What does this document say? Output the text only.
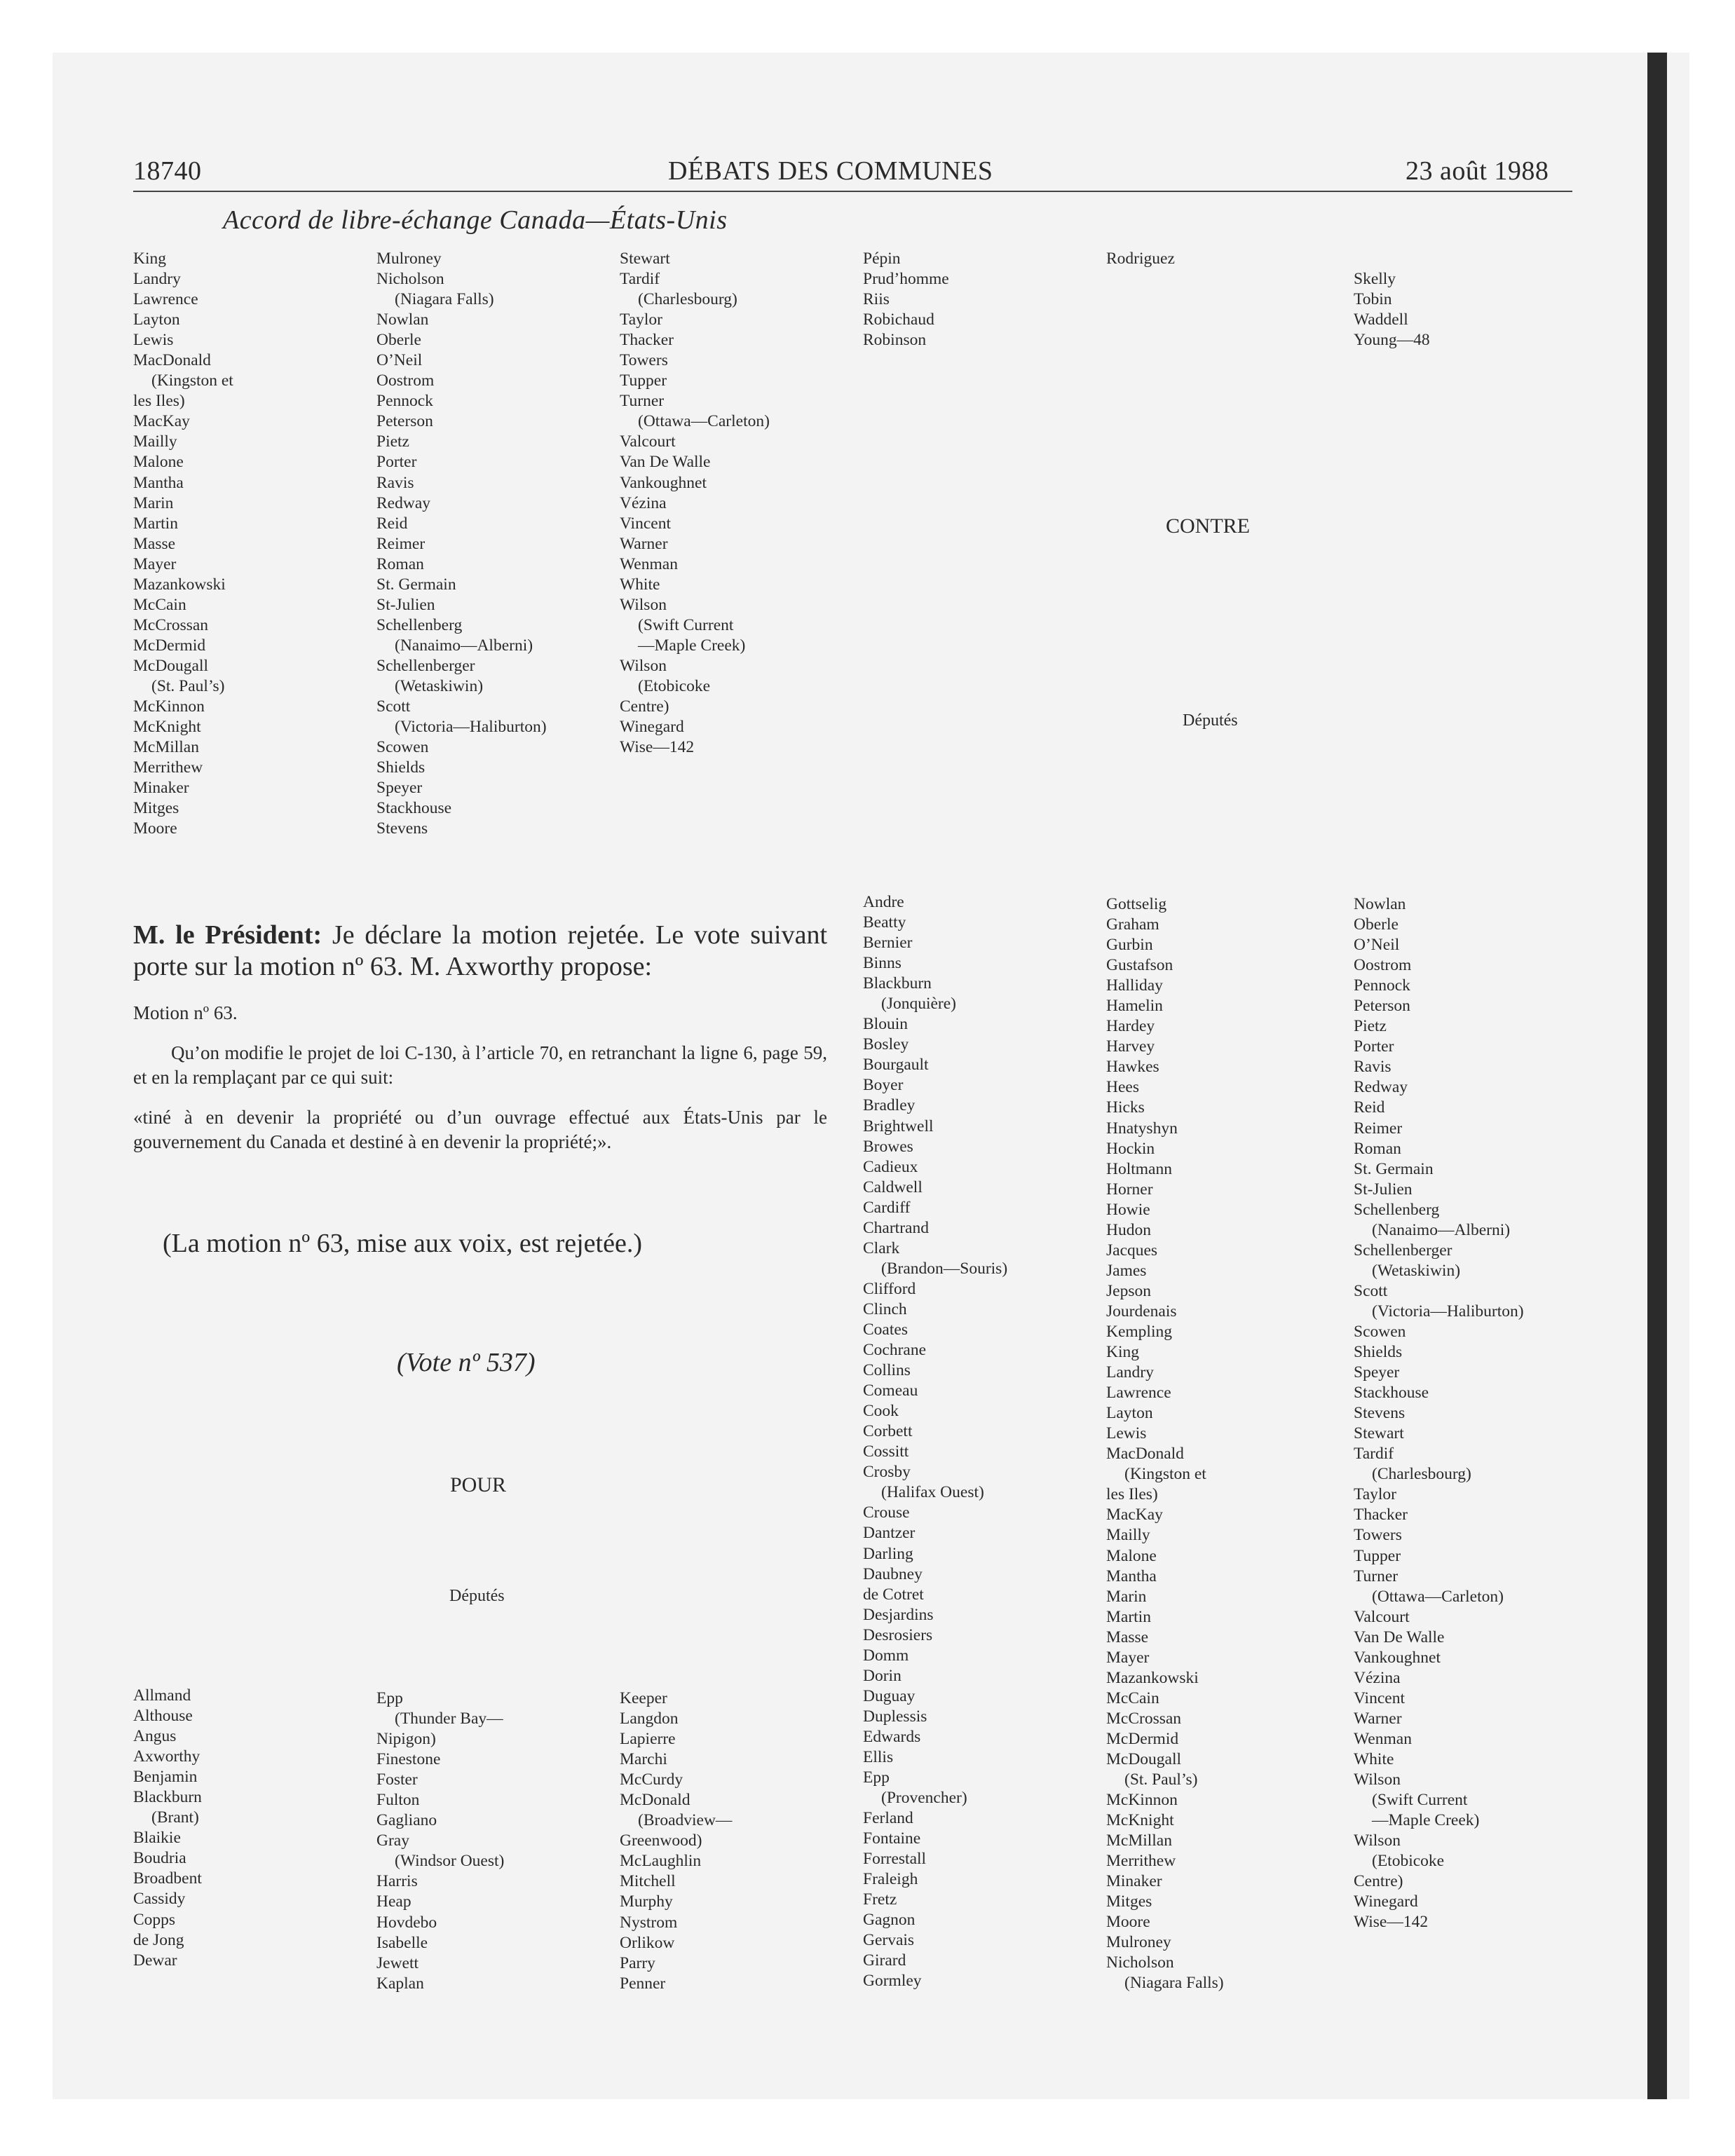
18740	DÉBATS DES COMMUNES	23 août 1988
Accord de libre-échange Canada—États-Unis
King
Landry
Lawrence
Layton
Lewis
MacDonald
(Kingston et
les Iles)
MacKay
Mailly
Malone
Mantha
Marin
Martin
Masse
Mayer
Mazankowski
McCain
McCrossan
McDermid
McDougall
(St. Paul’s)
McKinnon
McKnight
McMillan
Merrithew
Minaker
Mitges
Moore
Mulroney
Nicholson
(Niagara Falls)
Nowlan
Oberle
O’Neil
Oostrom
Pennock
Peterson
Pietz
Porter
Ravis
Redway
Reid
Reimer
Roman
St. Germain
St-Julien
Schellenberg
(Nanaimo—Alberni)
Schellenberger
(Wetaskiwin)
Scott
(Victoria—Haliburton)
Scowen
Shields
Speyer
Stackhouse
Stevens
Stewart
Tardif
(Charlesbourg)
Taylor
Thacker
Towers
Tupper
Turner
(Ottawa—Carleton)
Valcourt
Van De Walle
Vankoughnet
Vézina
Vincent
Warner
Wenman
White
Wilson
(Swift Current
—Maple Creek)
Wilson
(Etobicoke
Centre)
Winegard
Wise—142
Pépin
Prud’homme
Riis
Robichaud
Robinson
Rodriguez
Skelly
Tobin
Waddell
Young—48
CONTRE
Députés
M. le Président: Je déclare la motion rejetée. Le vote suivant porte sur la motion nº 63. M. Axworthy propose:
Motion nº 63.
Qu’on modifie le projet de loi C-130, à l’article 70, en retranchant la ligne 6, page 59, et en la remplaçant par ce qui suit:
«tiné à en devenir la propriété ou d’un ouvrage effectué aux États-Unis par le gouvernement du Canada et destiné à en devenir la propriété;».
(La motion nº 63, mise aux voix, est rejetée.)
(Vote nº 537)
POUR
Députés
Allmand
Althouse
Angus
Axworthy
Benjamin
Blackburn
(Brant)
Blaikie
Boudria
Broadbent
Cassidy
Copps
de Jong
Dewar
Epp
(Thunder Bay—
Nipigon)
Finestone
Foster
Fulton
Gagliano
Gray
(Windsor Ouest)
Harris
Heap
Hovdebo
Isabelle
Jewett
Kaplan
Keeper
Langdon
Lapierre
Marchi
McCurdy
McDonald
(Broadview—
Greenwood)
McLaughlin
Mitchell
Murphy
Nystrom
Orlikow
Parry
Penner
Andre
Beatty
Bernier
Binns
Blackburn
(Jonquière)
Blouin
Bosley
Bourgault
Boyer
Bradley
Brightwell
Browes
Cadieux
Caldwell
Cardiff
Chartrand
Clark
(Brandon—Souris)
Clifford
Clinch
Coates
Cochrane
Collins
Comeau
Cook
Corbett
Cossitt
Crosby
(Halifax Ouest)
Crouse
Dantzer
Darling
Daubney
de Cotret
Desjardins
Desrosiers
Domm
Dorin
Duguay
Duplessis
Edwards
Ellis
Epp
(Provencher)
Ferland
Fontaine
Forrestall
Fraleigh
Fretz
Gagnon
Gervais
Girard
Gormley
Gottselig
Graham
Gurbin
Gustafson
Halliday
Hamelin
Hardey
Harvey
Hawkes
Hees
Hicks
Hnatyshyn
Hockin
Holtmann
Horner
Howie
Hudon
Jacques
James
Jepson
Jourdenais
Kempling
King
Landry
Lawrence
Layton
Lewis
MacDonald
(Kingston et
les Iles)
MacKay
Mailly
Malone
Mantha
Marin
Martin
Masse
Mayer
Mazankowski
McCain
McCrossan
McDermid
McDougall
(St. Paul’s)
McKinnon
McKnight
McMillan
Merrithew
Minaker
Mitges
Moore
Mulroney
Nicholson
(Niagara Falls)
Nowlan
Oberle
O’Neil
Oostrom
Pennock
Peterson
Pietz
Porter
Ravis
Redway
Reid
Reimer
Roman
St. Germain
St-Julien
Schellenberg
(Nanaimo—Alberni)
Schellenberger
(Wetaskiwin)
Scott
(Victoria—Haliburton)
Scowen
Shields
Speyer
Stackhouse
Stevens
Stewart
Tardif
(Charlesbourg)
Taylor
Thacker
Towers
Tupper
Turner
(Ottawa—Carleton)
Valcourt
Van De Walle
Vankoughnet
Vézina
Vincent
Warner
Wenman
White
Wilson
(Swift Current
—Maple Creek)
Wilson
(Etobicoke
Centre)
Winegard
Wise—142
